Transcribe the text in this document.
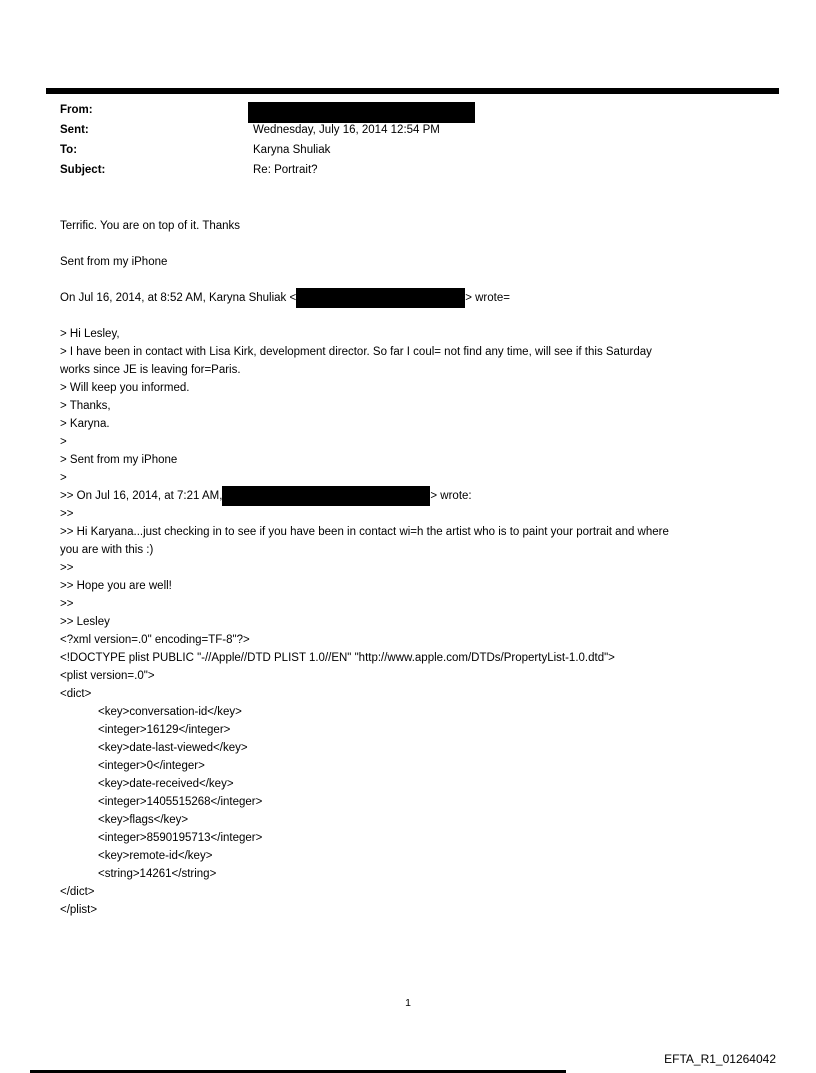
From:
Sent:	Wednesday, July 16, 2014 12:54 PM
To:	Karyna Shuliak
Subject:	Re: Portrait?
Terrific. You are on top of it. Thanks
Sent from my iPhone
On Jul 16, 2014, at 8:52 AM, Karyna Shuliak <	> wrote=
> Hi Lesley,
> I have been in contact with Lisa Kirk, development director. So far I coul= not find any time, will see if this Saturday
works since JE is leaving for=Paris.
> Will keep you informed.
> Thanks,
> Karyna.
>
> Sent from my iPhone
>
>> On Jul 16, 2014, at 7:21 AM,	> wrote:
>>
>> Hi Karyana...just checking in to see if you have been in contact wi=h the artist who is to paint your portrait and where
you are with this :)
>>
>> Hope you are well!
>>
>> Lesley
<?xml version=.0" encoding=TF-8"?>
<!DOCTYPE plist PUBLIC "-//Apple//DTD PLIST 1.0//EN" "http://www.apple.com/DTDs/PropertyList-1.0.dtd">
<plist version=.0">
<dict>
<key>conversation-id</key>
<integer>16129</integer>
<key>date-last-viewed</key>
<integer>0</integer>
<key>date-received</key>
<integer>1405515268</integer>
<key>flags</key>
<integer>8590195713</integer>
<key>remote-id</key>
<string>14261</string>
</dict>
</plist>
1
EFTA_R1_01264042
